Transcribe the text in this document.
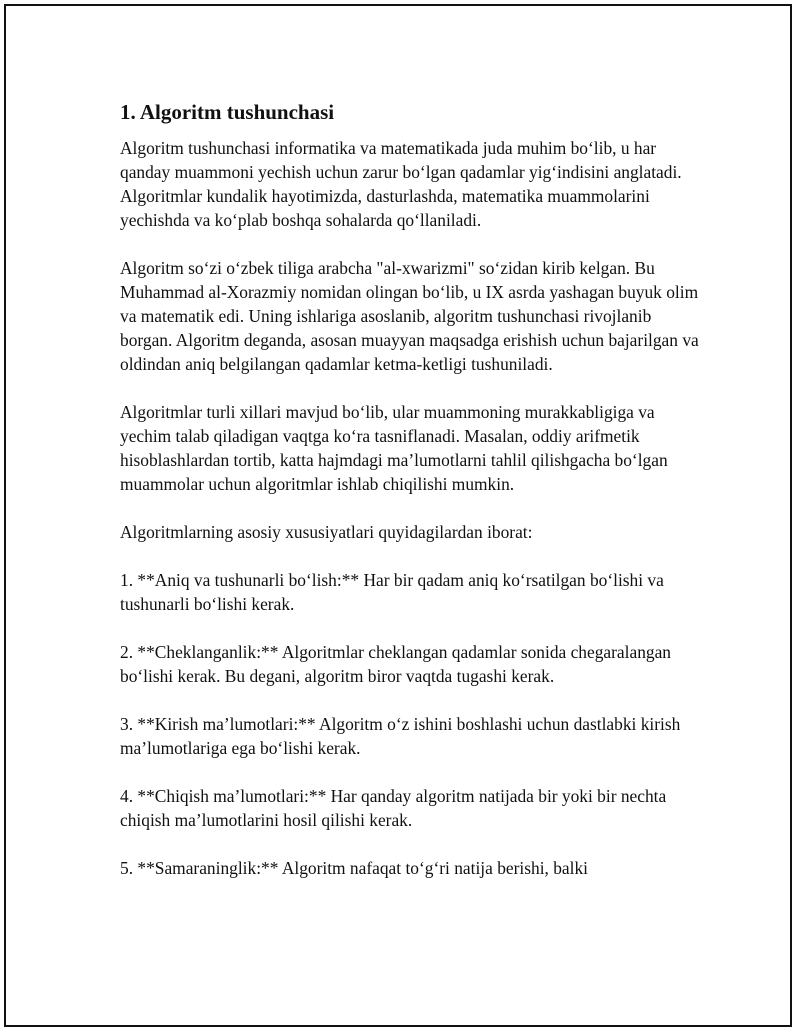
1. Algoritm tushunchasi

Algoritm tushunchasi informatika va matematikada juda muhim bo‘lib, u har qanday muammoni yechish uchun zarur bo‘lgan qadamlar yig‘indisini anglatadi. Algoritmlar kundalik hayotimizda, dasturlashda, matematika muammolarini yechishda va ko‘plab boshqa sohalarda qo‘llaniladi.

Algoritm so‘zi o‘zbek tiliga arabcha "al-xwarizmi" so‘zidan kirib kelgan. Bu Muhammad al-Xorazmiy nomidan olingan bo‘lib, u IX asrda yashagan buyuk olim va matematik edi. Uning ishlariga asoslanib, algoritm tushunchasi rivojlanib borgan. Algoritm deganda, asosan muayyan maqsadga erishish uchun bajarilgan va oldindan aniq belgilangan qadamlar ketma-ketligi tushuniladi.

Algoritmlar turli xillari mavjud bo‘lib, ular muammoning murakkabligiga va yechim talab qiladigan vaqtga ko‘ra tasniflanadi. Masalan, oddiy arifmetik hisoblashlardan tortib, katta hajmdagi ma’lumotlarni tahlil qilishgacha bo‘lgan muammolar uchun algoritmlar ishlab chiqilishi mumkin.

Algoritmlarning asosiy xususiyatlari quyidagilardan iborat:

1. **Aniq va tushunarli bo‘lish:** Har bir qadam aniq ko‘rsatilgan bo‘lishi va tushunarli bo‘lishi kerak.

2. **Cheklanganlik:** Algoritmlar cheklangan qadamlar sonida chegaralangan bo‘lishi kerak. Bu degani, algoritm biror vaqtda tugashi kerak.

3. **Kirish ma’lumotlari:** Algoritm o‘z ishini boshlashi uchun dastlabki kirish ma’lumotlariga ega bo‘lishi kerak.

4. **Chiqish ma’lumotlari:** Har qanday algoritm natijada bir yoki bir nechta chiqish ma’lumotlarini hosil qilishi kerak.

5. **Samaraninglik:** Algoritm nafaqat to‘g‘ri natija berishi, balki
